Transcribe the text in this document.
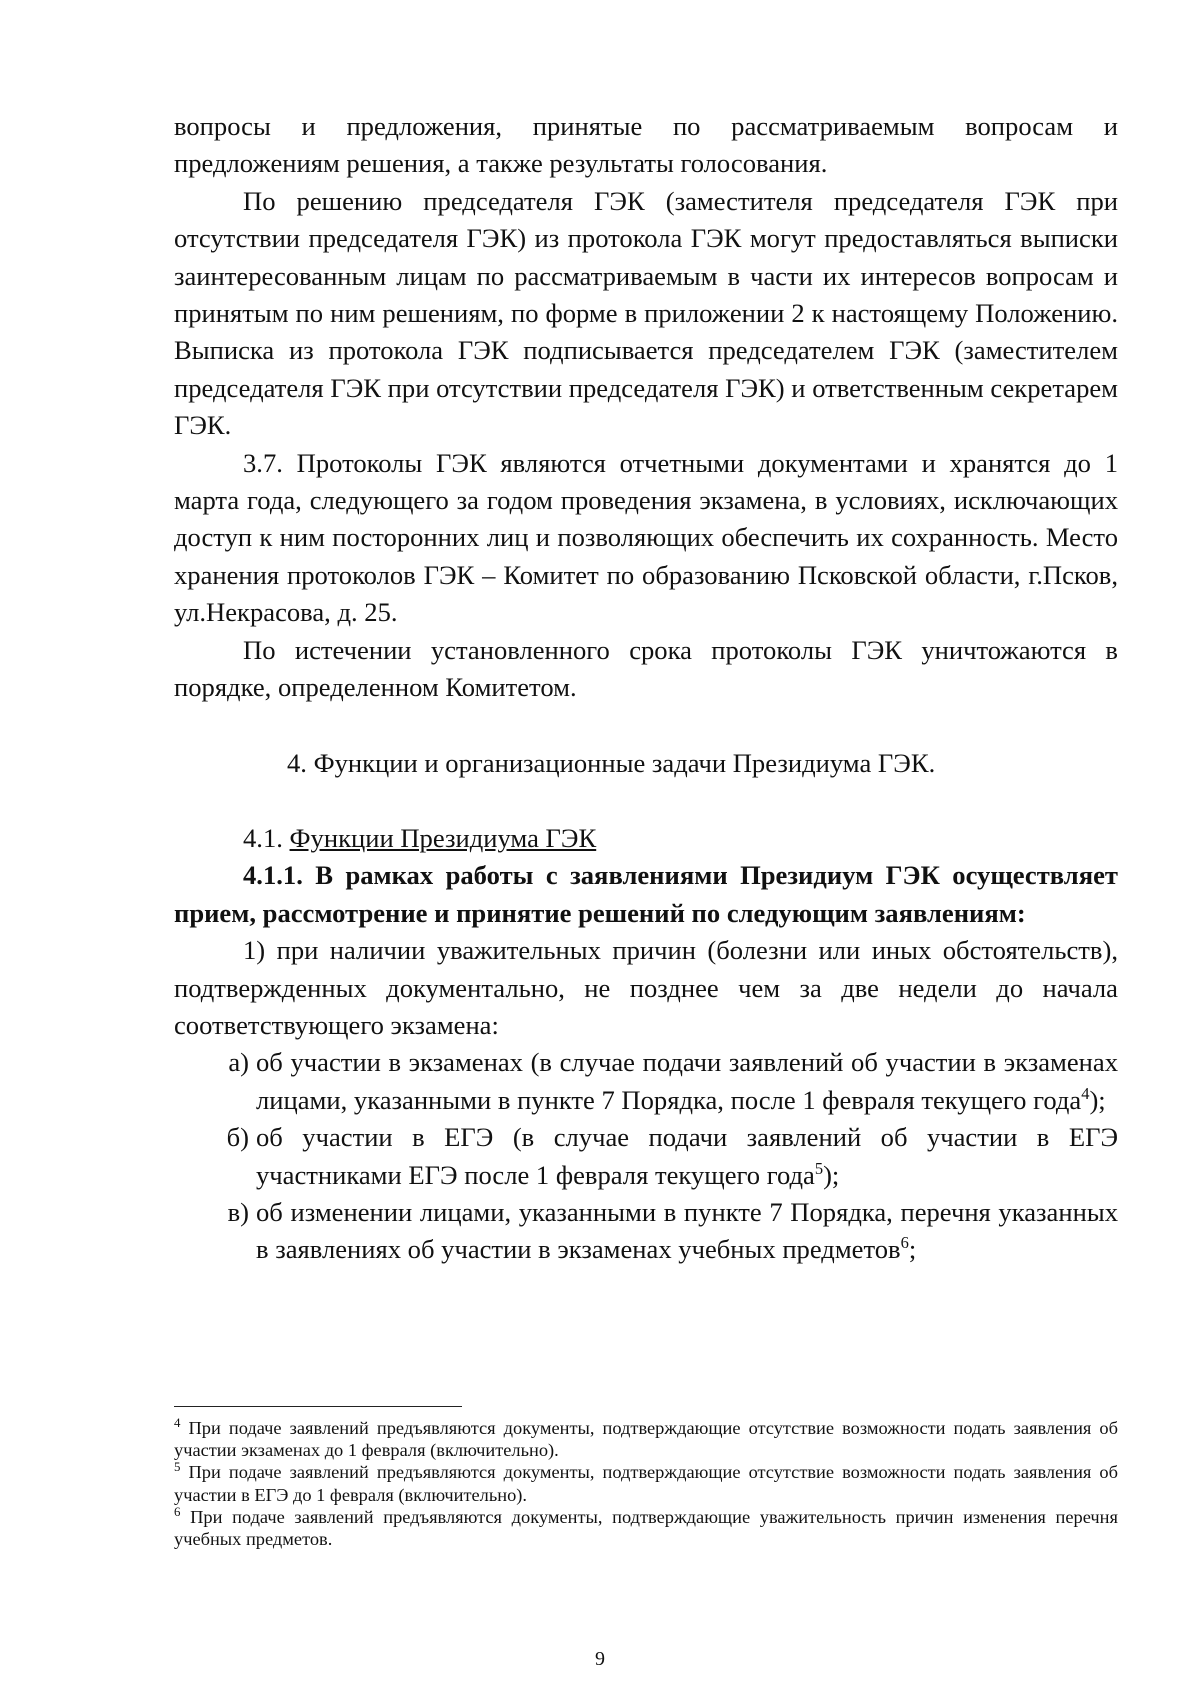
вопросы и предложения, принятые по рассматриваемым вопросам и предложениям решения, а также результаты голосования.

По решению председателя ГЭК (заместителя председателя ГЭК при отсутствии председателя ГЭК) из протокола ГЭК могут предоставляться выписки заинтересованным лицам по рассматриваемым в части их интересов вопросам и принятым по ним решениям, по форме в приложении 2 к настоящему Положению. Выписка из протокола ГЭК подписывается председателем ГЭК (заместителем председателя ГЭК при отсутствии председателя ГЭК) и ответственным секретарем ГЭК.

3.7. Протоколы ГЭК являются отчетными документами и хранятся до 1 марта года, следующего за годом проведения экзамена, в условиях, исключающих доступ к ним посторонних лиц и позволяющих обеспечить их сохранность. Место хранения протоколов ГЭК – Комитет по образованию Псковской области, г.Псков, ул.Некрасова, д. 25.

По истечении установленного срока протоколы ГЭК уничтожаются в порядке, определенном Комитетом.

4. Функции и организационные задачи Президиума ГЭК.

4.1. Функции Президиума ГЭК

4.1.1. В рамках работы с заявлениями Президиум ГЭК осуществляет прием, рассмотрение и принятие решений по следующим заявлениям:

1) при наличии уважительных причин (болезни или иных обстоятельств), подтвержденных документально, не позднее чем за две недели до начала соответствующего экзамена:

а) об участии в экзаменах (в случае подачи заявлений об участии в экзаменах лицами, указанными в пункте 7 Порядка, после 1 февраля текущего года$^4$);
б) об участии в ЕГЭ (в случае подачи заявлений об участии в ЕГЭ участниками ЕГЭ после 1 февраля текущего года$^5$);
в) об изменении лицами, указанными в пункте 7 Порядка, перечня указанных в заявлениях об участии в экзаменах учебных предметов$^6$;

$^4$ При подаче заявлений предъявляются документы, подтверждающие отсутствие возможности подать заявления об участии экзаменах до 1 февраля (включительно).

$^5$ При подаче заявлений предъявляются документы, подтверждающие отсутствие возможности подать заявления об участии в ЕГЭ до 1 февраля (включительно).

$^6$ При подаче заявлений предъявляются документы, подтверждающие уважительность причин изменения перечня учебных предметов.

9
